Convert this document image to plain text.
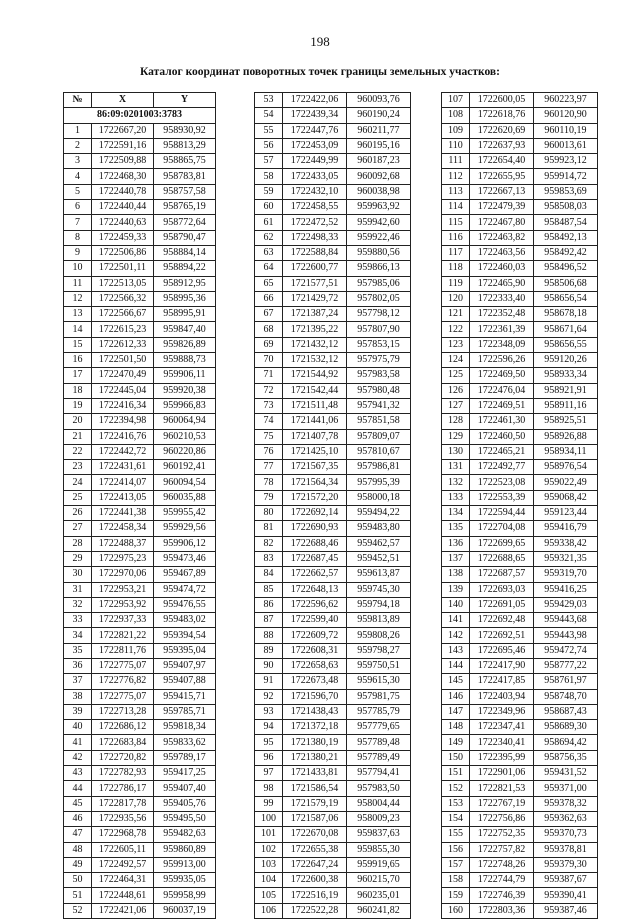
198
Каталог координат поворотных точек границы земельных участков:
№	X	Y
86:09:0201003:3783		
1	1722667,20	958930,92
2	1722591,16	958813,29
3	1722509,88	958865,75
4	1722468,30	958783,81
5	1722440,78	958757,58
6	1722440,44	958765,19
7	1722440,63	958772,64
8	1722459,33	958790,47
9	1722506,86	958884,14
10	1722501,11	958894,22
11	1722513,05	958912,95
12	1722566,32	958995,36
13	1722566,67	958995,91
14	1722615,23	959847,40
15	1722612,33	959826,89
16	1722501,50	959888,73
17	1722470,49	959906,11
18	1722445,04	959920,38
19	1722416,34	959966,83
20	1722394,98	960064,94
21	1722416,76	960210,53
22	1722442,72	960220,86
23	1722431,61	960192,41
24	1722414,07	960094,54
25	1722413,05	960035,88
26	1722441,38	959955,42
27	1722458,34	959929,56
28	1722488,37	959906,12
29	1722975,23	959473,46
30	1722970,06	959467,89
31	1722953,21	959474,72
32	1722953,92	959476,55
33	1722937,33	959483,02
34	1722821,22	959394,54
35	1722811,76	959395,04
36	1722775,07	959407,97
37	1722776,82	959407,88
38	1722775,07	959415,71
39	1722713,28	959785,71
40	1722686,12	959818,34
41	1722683,84	959833,62
42	1722720,82	959789,17
43	1722782,93	959417,25
44	1722786,17	959407,40
45	1722817,78	959405,76
46	1722935,56	959495,50
47	1722968,78	959482,63
48	1722605,11	959860,89
49	1722492,57	959913,00
50	1722464,31	959935,05
51	1722448,61	959958,99
52	1722421,06	960037,19
53	1722422,06	960093,76
54	1722439,34	960190,24
55	1722447,76	960211,77
56	1722453,09	960195,16
57	1722449,99	960187,23
58	1722433,05	960092,68
59	1722432,10	960038,98
60	1722458,55	959963,92
61	1722472,52	959942,60
62	1722498,33	959922,46
63	1722588,84	959880,56
64	1722600,77	959866,13
65	1721577,51	957985,06
66	1721429,72	957802,05
67	1721387,24	957798,12
68	1721395,22	957807,90
69	1721432,12	957853,15
70	1721532,12	957975,79
71	1721544,92	957983,58
72	1721542,44	957980,48
73	1721511,48	957941,32
74	1721441,06	957851,58
75	1721407,78	957809,07
76	1721425,10	957810,67
77	1721567,35	957986,81
78	1721564,34	957995,39
79	1721572,20	958000,18
80	1722692,14	959494,22
81	1722690,93	959483,80
82	1722688,46	959462,57
83	1722687,45	959452,51
84	1722662,57	959613,87
85	1722648,13	959745,30
86	1722596,62	959794,18
87	1722599,40	959813,89
88	1722609,72	959808,26
89	1722608,31	959798,27
90	1722658,63	959750,51
91	1722673,48	959615,30
92	1721596,70	957981,75
93	1721438,43	957785,79
94	1721372,18	957779,65
95	1721380,19	957789,48
96	1721380,21	957789,49
97	1721433,81	957794,41
98	1721586,54	957983,50
99	1721579,19	958004,44
100	1721587,06	958009,23
101	1722670,08	959837,63
102	1722655,38	959855,30
103	1722647,24	959919,65
104	1722600,38	960215,70
105	1722516,19	960235,01
106	1722522,28	960241,82
107	1722600,05	960223,97
108	1722618,76	960120,90
109	1722620,69	960110,19
110	1722637,93	960013,61
111	1722654,40	959923,12
112	1722655,95	959914,72
113	1722667,13	959853,69
114	1722479,39	958508,03
115	1722467,80	958487,54
116	1722463,82	958492,13
117	1722463,56	958492,42
118	1722460,03	958496,52
119	1722465,90	958506,68
120	1722333,40	958656,54
121	1722352,48	958678,18
122	1722361,39	958671,64
123	1722348,09	958656,55
124	1722596,26	959120,26
125	1722469,50	958933,34
126	1722476,04	958921,91
127	1722469,51	958911,16
128	1722461,30	958925,51
129	1722460,50	958926,88
130	1722465,21	958934,11
131	1722492,77	958976,54
132	1722523,08	959022,49
133	1722553,39	959068,42
134	1722594,44	959123,44
135	1722704,08	959416,79
136	1722699,65	959338,42
137	1722688,65	959321,35
138	1722687,57	959319,70
139	1722693,03	959416,25
140	1722691,05	959429,03
141	1722692,48	959443,68
142	1722692,51	959443,98
143	1722695,46	959472,74
144	1722417,90	958777,22
145	1722417,85	958761,97
146	1722403,94	958748,70
147	1722349,96	958687,43
148	1722347,41	958689,30
149	1722340,41	958694,42
150	1722395,99	958756,35
151	1722901,06	959431,52
152	1722821,53	959371,00
153	1722767,19	959378,32
154	1722756,86	959362,63
155	1722752,35	959370,73
156	1722757,82	959378,81
157	1722748,26	959379,30
158	1722744,79	959387,67
159	1722746,39	959390,41
160	1722803,36	959387,46
